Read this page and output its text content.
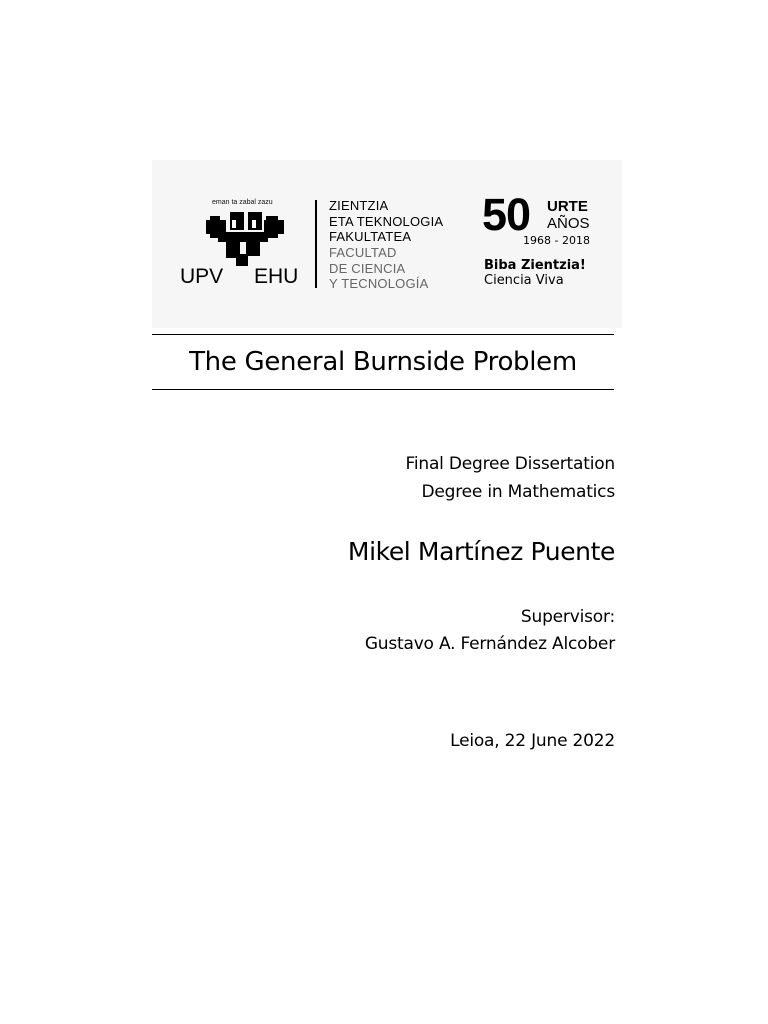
eman ta zabal zazu
UPV EHU
ZIENTZIA
ETA TEKNOLOGIA
FAKULTATEA
FACULTAD
DE CIENCIA
Y TECNOLOGÍA
50 URTE
AÑOS
1968 - 2018
Biba Zientzia!
Ciencia Viva
The General Burnside Problem
Final Degree Dissertation
Degree in Mathematics
Mikel Martínez Puente
Supervisor:
Gustavo A. Fernández Alcober
Leioa, 22 June 2022
